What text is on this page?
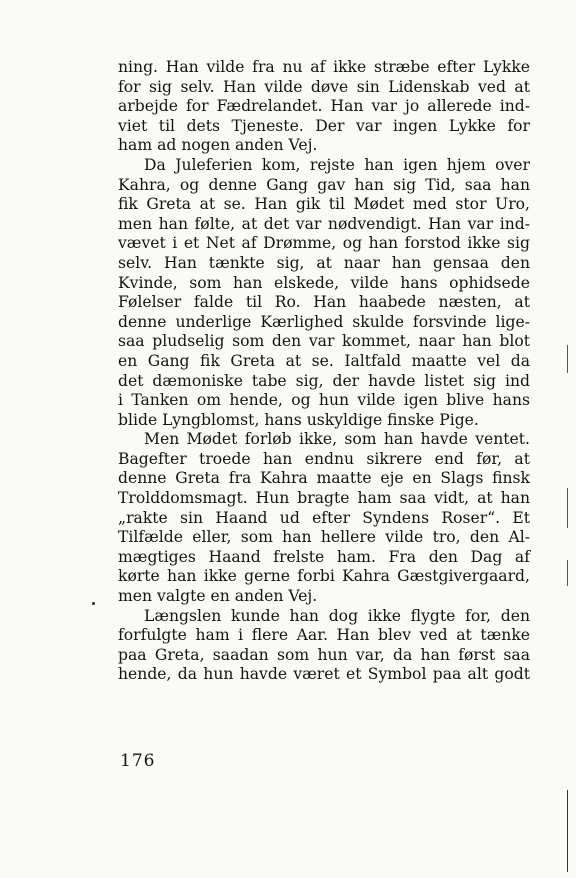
ning. Han vilde fra nu af ikke stræbe efter Lykke
for sig selv. Han vilde døve sin Lidenskab ved at
arbejde for Fædrelandet. Han var jo allerede ind-
viet til dets Tjeneste. Der var ingen Lykke for
ham ad nogen anden Vej.
Da Juleferien kom, rejste han igen hjem over
Kahra, og denne Gang gav han sig Tid, saa han
fik Greta at se. Han gik til Mødet med stor Uro,
men han følte, at det var nødvendigt. Han var ind-
vævet i et Net af Drømme, og han forstod ikke sig
selv. Han tænkte sig, at naar han gensaa den
Kvinde, som han elskede, vilde hans ophidsede
Følelser falde til Ro. Han haabede næsten, at
denne underlige Kærlighed skulde forsvinde lige-
saa pludselig som den var kommet, naar han blot
en Gang fik Greta at se. Ialtfald maatte vel da
det dæmoniske tabe sig, der havde listet sig ind
i Tanken om hende, og hun vilde igen blive hans
blide Lyngblomst, hans uskyldige finske Pige.
Men Mødet forløb ikke, som han havde ventet.
Bagefter troede han endnu sikrere end før, at
denne Greta fra Kahra maatte eje en Slags finsk
Trolddomsmagt. Hun bragte ham saa vidt, at han
„rakte sin Haand ud efter Syndens Roser“. Et
Tilfælde eller, som han hellere vilde tro, den Al-
mægtiges Haand frelste ham. Fra den Dag af
kørte han ikke gerne forbi Kahra Gæstgivergaard,
men valgte en anden Vej.
Længslen kunde han dog ikke flygte for, den
forfulgte ham i flere Aar. Han blev ved at tænke
paa Greta, saadan som hun var, da han først saa
hende, da hun havde været et Symbol paa alt godt
176
